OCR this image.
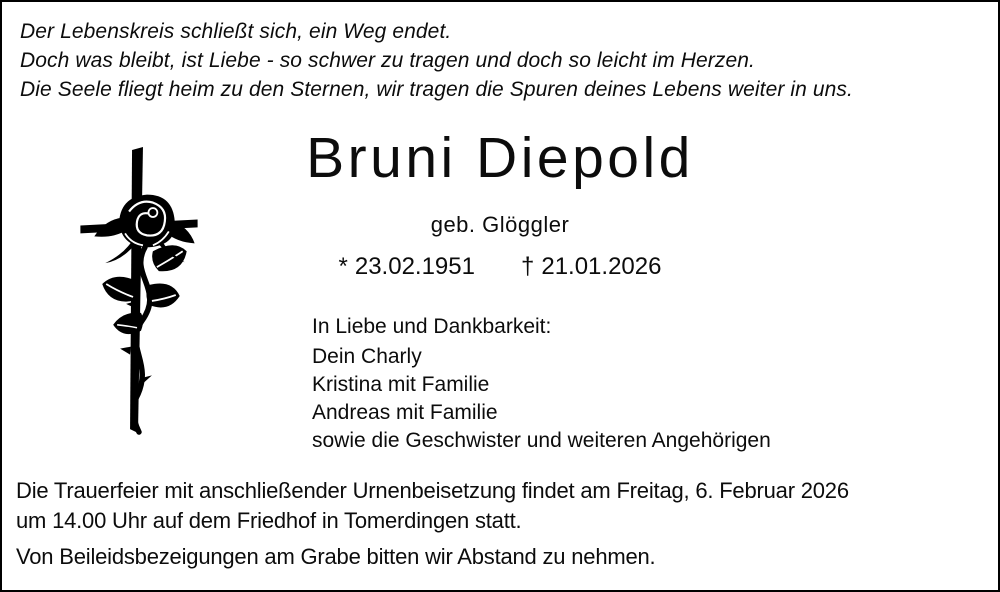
Der Lebenskreis schließt sich, ein Weg endet.
Doch was bleibt, ist Liebe - so schwer zu tragen und doch so leicht im Herzen.
Die Seele fliegt heim zu den Sternen, wir tragen die Spuren deines Lebens weiter in uns.
Bruni Diepold
geb. Glöggler
* 23.02.1951 † 21.01.2026
In Liebe und Dankbarkeit:
Dein Charly
Kristina mit Familie
Andreas mit Familie
sowie die Geschwister und weiteren Angehörigen

Die Trauerfeier mit anschließender Urnenbeisetzung findet am Freitag, 6. Februar 2026
um 14.00 Uhr auf dem Friedhof in Tomerdingen statt.

Von Beileidsbezeigungen am Grabe bitten wir Abstand zu nehmen.
